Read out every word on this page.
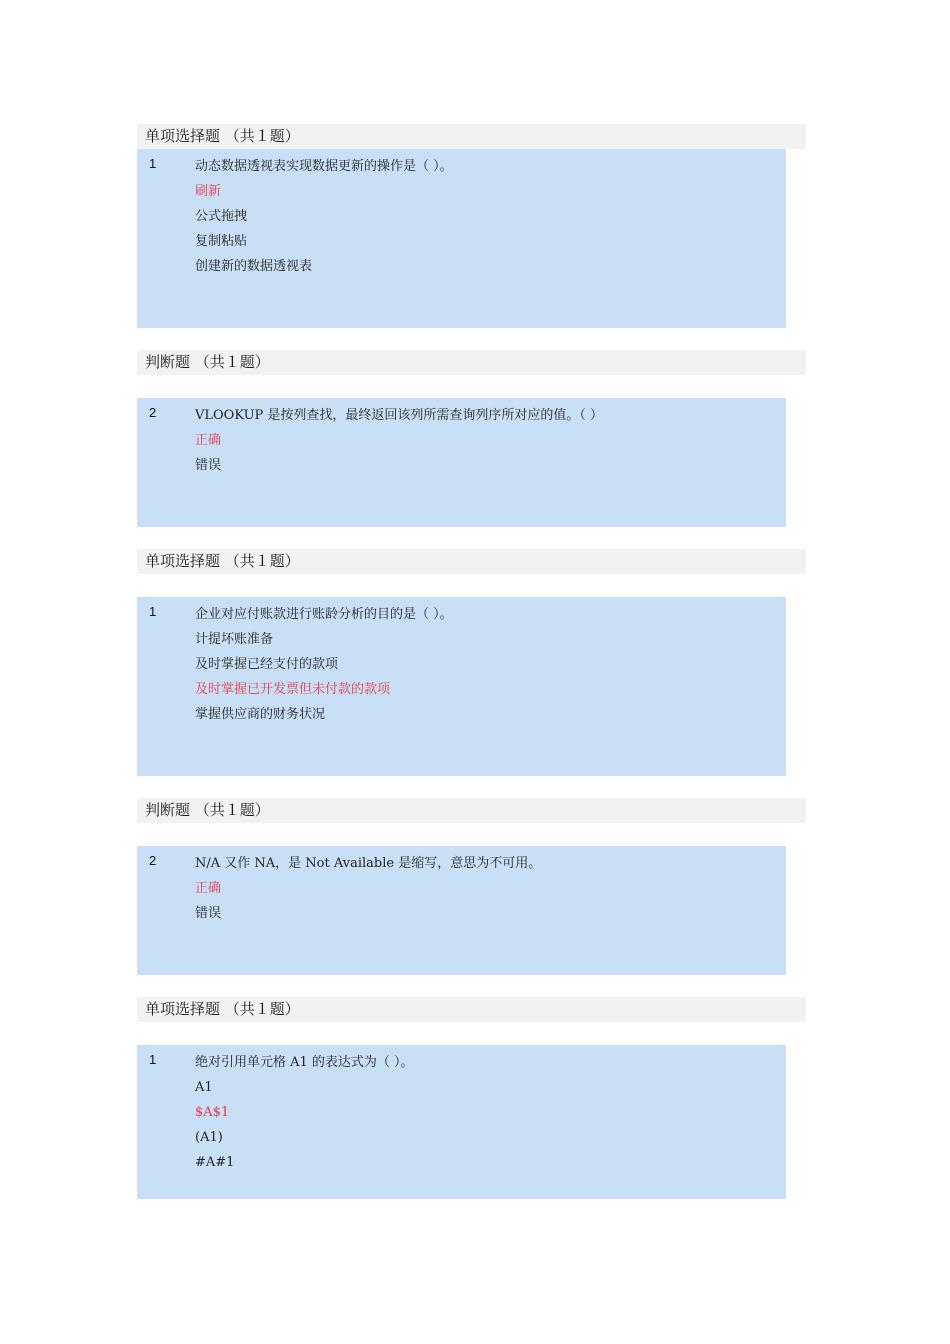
单项选择题 （共１题）
1	动态数据透视表实现数据更新的操作是（ ）。
刷新
公式拖拽
复制粘贴
创建新的数据透视表
判断题 （共１题）
2	VLOOKUP 是按列查找，最终返回该列所需查询列序所对应的值。（ ）
正确
错误
单项选择题 （共１题）
1	企业对应付账款进行账龄分析的目的是（ ）。
计提坏账准备
及时掌握已经支付的款项
及时掌握已开发票但未付款的款项
掌握供应商的财务状况
判断题 （共１题）
2	N/A 又作 NA，是 Not Available 是缩写，意思为不可用。
正确
错误
单项选择题 （共１题）
1	绝对引用单元格 A1 的表达式为（ ）。
A1
$A$1
(A1)
#A#1
